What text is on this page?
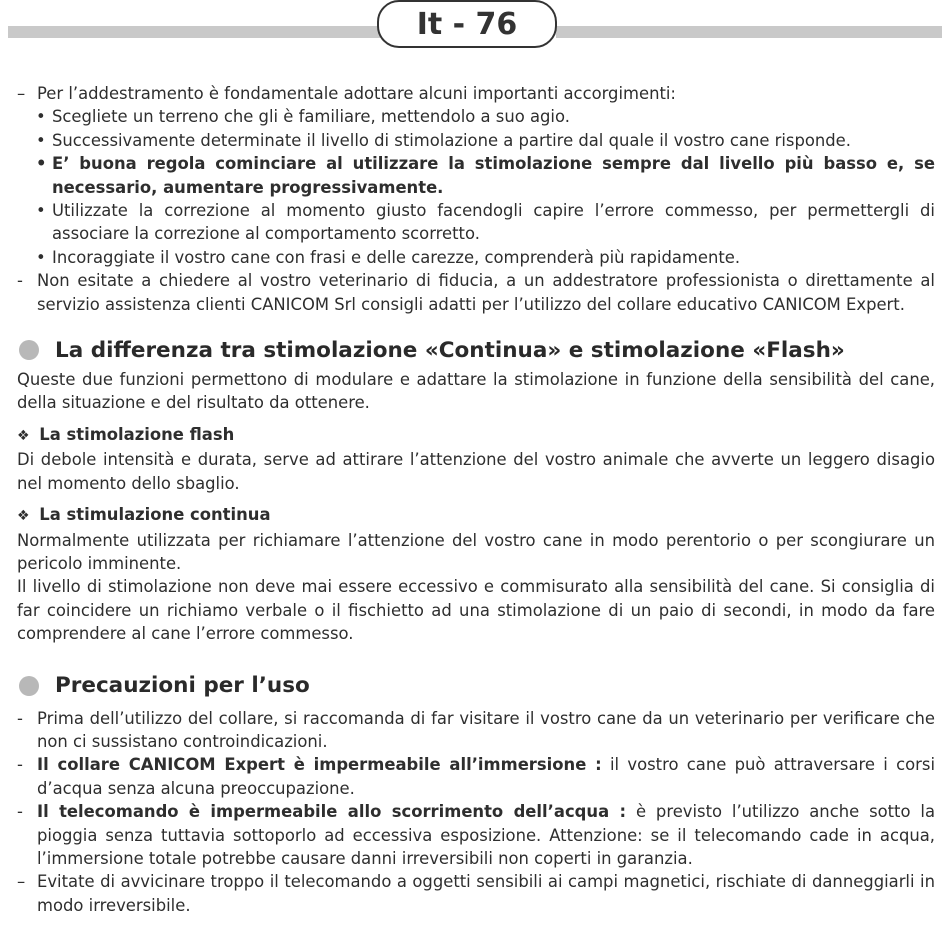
It - 76
– Per l’addestramento è fondamentale adottare alcuni importanti accorgimenti:
• Scegliete un terreno che gli è familiare, mettendolo a suo agio.
• Successivamente determinate il livello di stimolazione a partire dal quale il vostro cane risponde.
• E’ buona regola cominciare al utilizzare la stimolazione sempre dal livello più basso e, se necessario, aumentare progressivamente.
• Utilizzate la correzione al momento giusto facendogli capire l’errore commesso, per permettergli di associare la correzione al comportamento scorretto.
• Incoraggiate il vostro cane con frasi e delle carezze, comprenderà più rapidamente.
- Non esitate a chiedere al vostro veterinario di fiducia, a un addestratore professionista o direttamente al servizio assistenza clienti CANICOM Srl consigli adatti per l’utilizzo del collare educativo CANICOM Expert.
La differenza tra stimolazione «Continua» e stimolazione «Flash»

Queste due funzioni permettono di modulare e adattare la stimolazione in funzione della sensibilità del cane, della situazione e del risultato da ottenere.

❖ La stimolazione flash

Di debole intensità e durata, serve ad attirare l’attenzione del vostro animale che avverte un leggero disagio nel momento dello sbaglio.

❖ La stimulazione continua

Normalmente utilizzata per richiamare l’attenzione del vostro cane in modo perentorio o per scongiurare un pericolo imminente.

Il livello di stimolazione non deve mai essere eccessivo e commisurato alla sensibilità del cane. Si consiglia di far coincidere un richiamo verbale o il fischietto ad una stimolazione di un paio di secondi, in modo da fare comprendere al cane l’errore commesso.

Precauzioni per l’uso
- Prima dell’utilizzo del collare, si raccomanda di far visitare il vostro cane da un veterinario per verificare che non ci sussistano controindicazioni.
- Il collare CANICOM Expert è impermeabile all’immersione : il vostro cane può attraversare i corsi d’acqua senza alcuna preoccupazione.
- Il telecomando è impermeabile allo scorrimento dell’acqua : è previsto l’utilizzo anche sotto la pioggia senza tuttavia sottoporlo ad eccessiva esposizione. Attenzione: se il telecomando cade in acqua, l’immersione totale potrebbe causare danni irreversibili non coperti in garanzia.
– Evitate di avvicinare troppo il telecomando a oggetti sensibili ai campi magnetici, rischiate di danneggiarli in modo irreversibile.
